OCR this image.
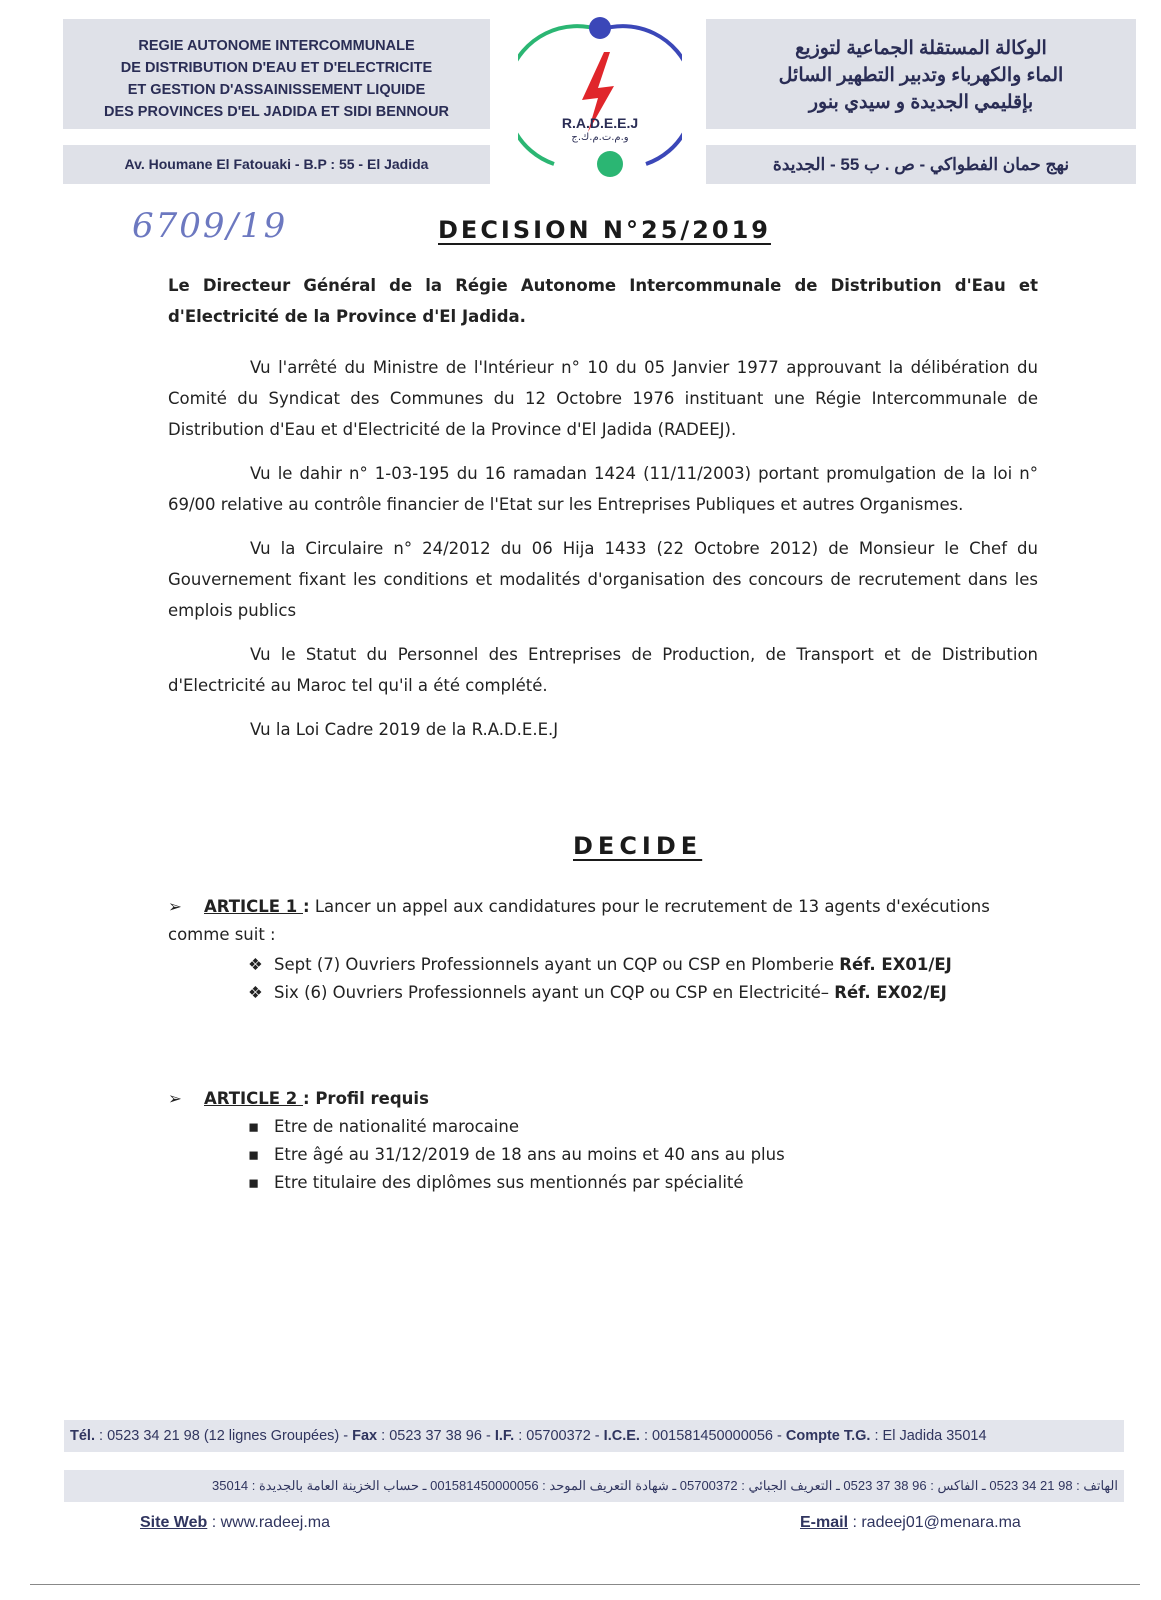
REGIE AUTONOME INTERCOMMUNALE
DE DISTRIBUTION D'EAU ET D'ELECTRICITE
ET GESTION D'ASSAINISSEMENT LIQUIDE
DES PROVINCES D'EL JADIDA ET SIDI BENNOUR
Av. Houmane El Fatouaki - B.P : 55 - El Jadida
R.A.D.E.E.J
و.م.ت.م.ك.ج
الوكالة المستقلة الجماعية لتوزيع
الماء والكهرباء وتدبير التطهير السائل
بإقليمي الجديدة و سيدي بنور
نهج حمان الفطواكي - ص . ب 55 - الجديدة
6709/19	DECISION N°25/2019

Le Directeur Général de la Régie Autonome Intercommunale de Distribution d'Eau et d'Electricité de la Province d'El Jadida.

Vu l'arrêté du Ministre de l'Intérieur n° 10 du 05 Janvier 1977 approuvant la délibération du Comité du Syndicat des Communes du 12 Octobre 1976 instituant une Régie Intercommunale de Distribution d'Eau et d'Electricité de la Province d'El Jadida (RADEEJ).

Vu le dahir n° 1-03-195 du 16 ramadan 1424 (11/11/2003) portant promulgation de la loi n° 69/00 relative au contrôle financier de l'Etat sur les Entreprises Publiques et autres Organismes.

Vu la Circulaire n° 24/2012 du 06 Hija 1433 (22 Octobre 2012) de Monsieur le Chef du Gouvernement fixant les conditions et modalités d'organisation des concours de recrutement dans les emplois publics

Vu le Statut du Personnel des Entreprises de Production, de Transport et de Distribution d'Electricité au Maroc tel qu'il a été complété.

Vu la Loi Cadre 2019 de la R.A.D.E.E.J

DECIDE
➢ ARTICLE 1 : Lancer un appel aux candidatures pour le recrutement de 13 agents d'exécutions comme suit :
❖ Sept (7) Ouvriers Professionnels ayant un CQP ou CSP en Plomberie Réf. EX01/EJ
❖ Six (6) Ouvriers Professionnels ayant un CQP ou CSP en Electricité– Réf. EX02/EJ
➢ ARTICLE 2 : Profil requis
▪ Etre de nationalité marocaine
▪ Etre âgé au 31/12/2019 de 18 ans au moins et 40 ans au plus
▪ Etre titulaire des diplômes sus mentionnés par spécialité
Tél. : 0523 34 21 98 (12 lignes Groupées) - Fax : 0523 37 38 96 - I.F. : 05700372 - I.C.E. : 001581450000056 - Compte T.G. : El Jadida 35014
الهاتف : 98 21 34 0523 ـ الفاكس : 96 38 37 0523 ـ التعريف الجبائي : 05700372 ـ شهادة التعريف الموحد : 001581450000056 ـ حساب الخزينة العامة بالجديدة : 35014
Site Web : www.radeej.ma	E-mail : radeej01@menara.ma
